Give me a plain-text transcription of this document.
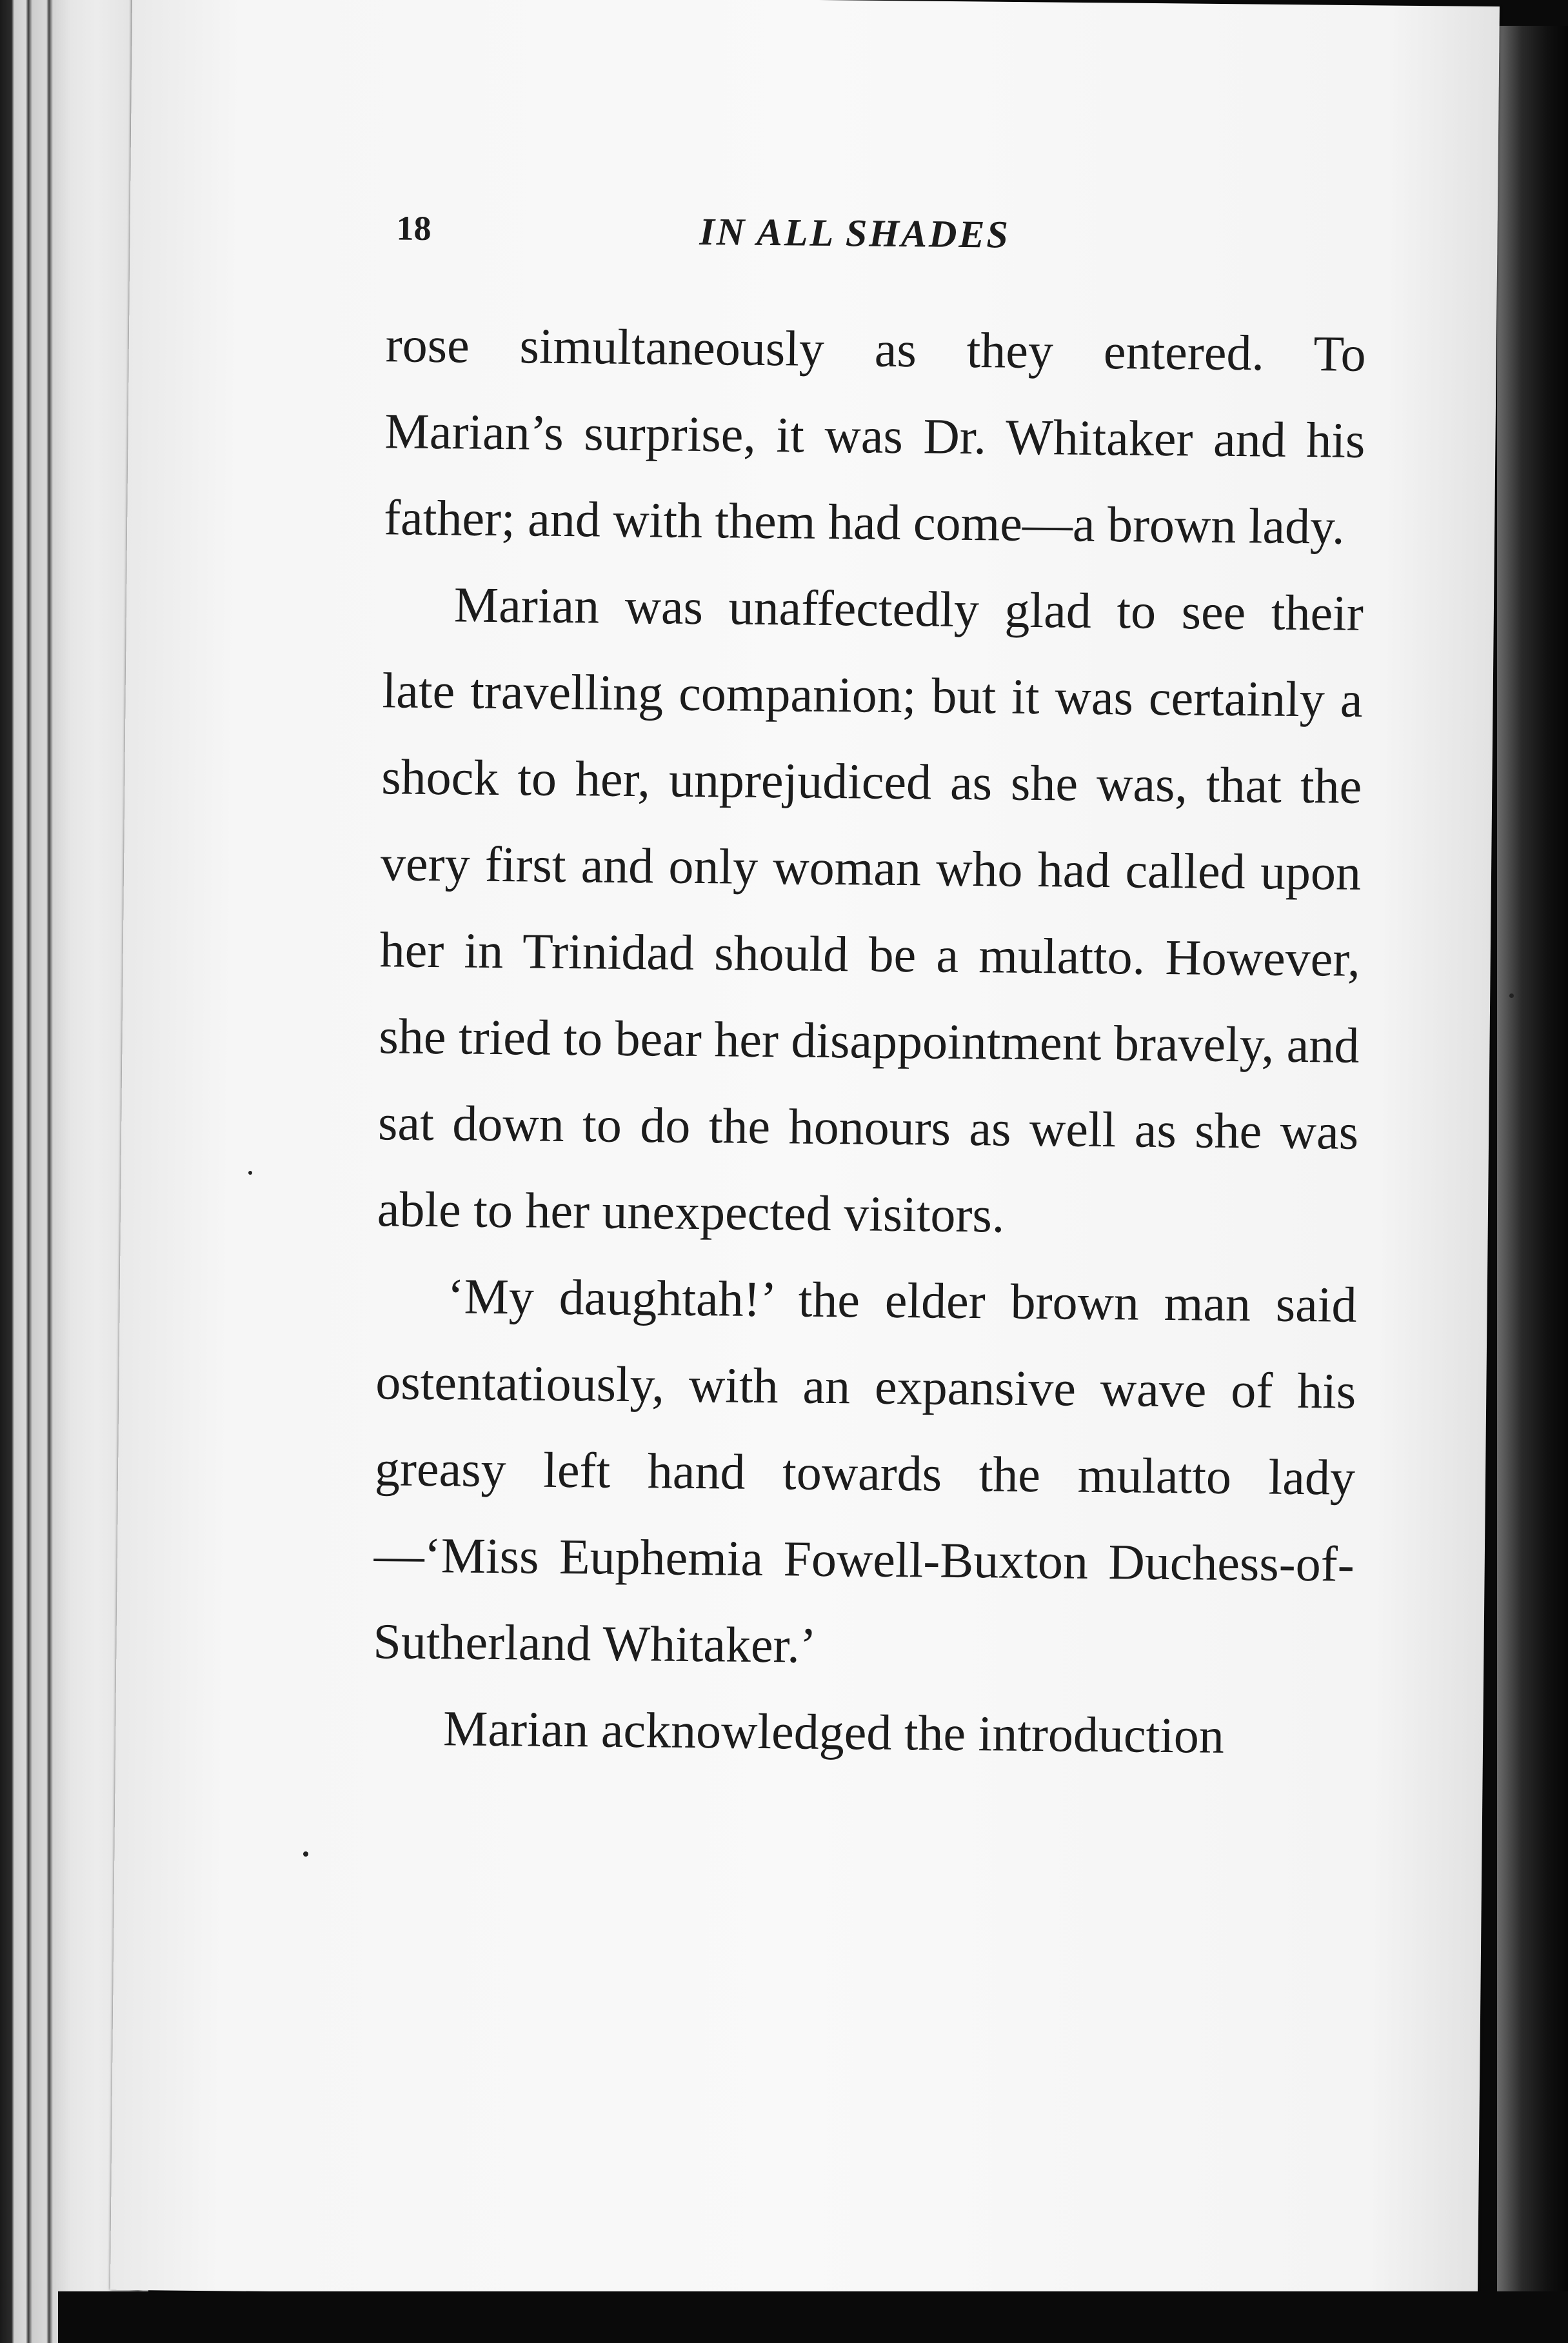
18	IN ALL SHADES

rose simultaneously as they entered. To Marian’s surprise, it was Dr. Whitaker and his father; and with them had come—a brown lady.

Marian was unaffectedly glad to see their late travelling companion; but it was certainly a shock to her, unprejudiced as she was, that the very first and only woman who had called upon her in Trinidad should be a mulatto. However, she tried to bear her disappointment bravely, and sat down to do the honours as well as she was able to her unexpected visitors.

‘My daughtah!’ the elder brown man said ostentatiously, with an expansive wave of his greasy left hand towards the mulatto lady—‘Miss Euphemia Fowell-Buxton Duchess-of-Sutherland Whitaker.’

Marian acknowledged the introduction
